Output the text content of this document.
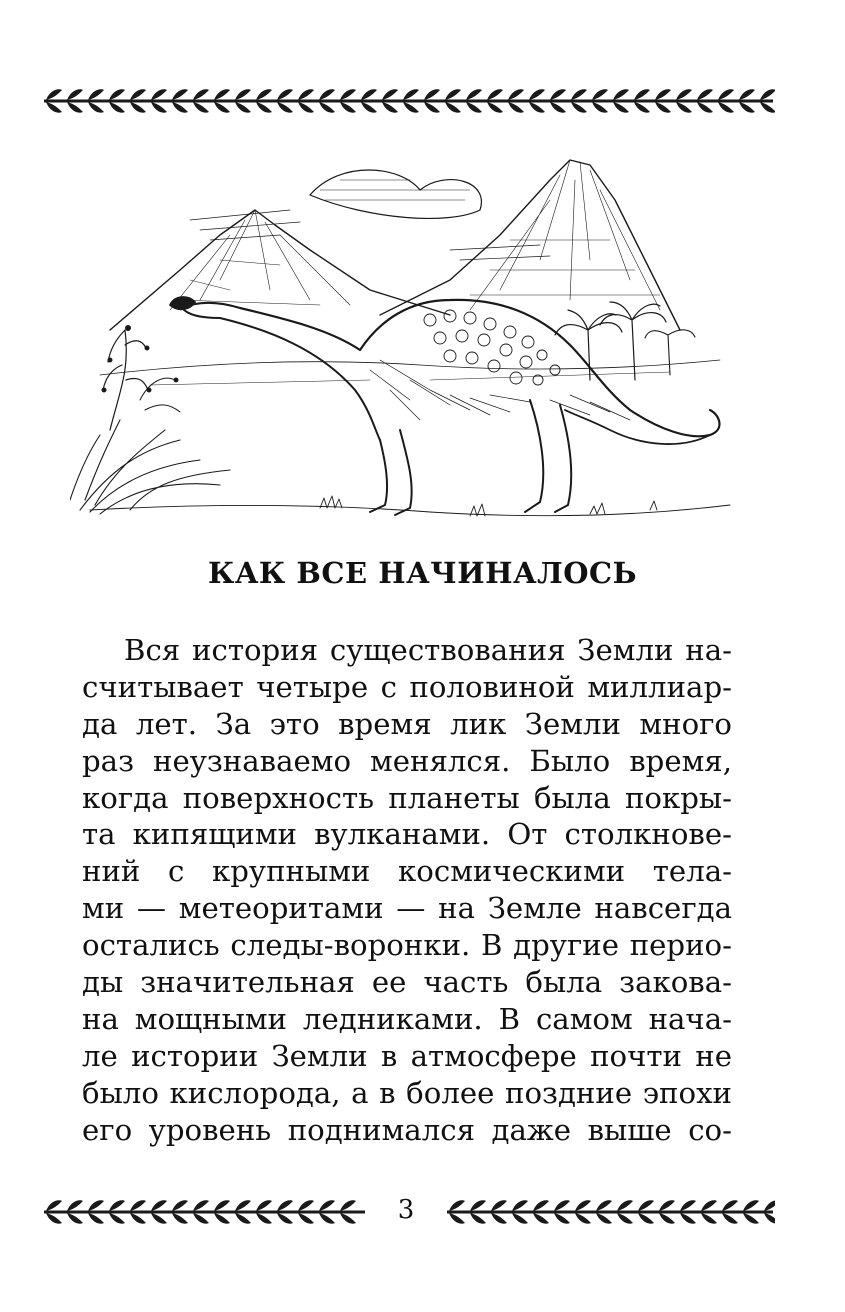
КАК ВСЕ НАЧИНАЛОСЬ
Вся история существования Земли на-
считывает четыре с половиной миллиар-
да лет. За это время лик Земли много
раз неузнаваемо менялся. Было время,
когда поверхность планеты была покры-
та кипящими вулканами. От столкнове-
ний с крупными космическими тела-
ми — метеоритами — на Земле навсегда
остались следы-воронки. В другие перио-
ды значительная ее часть была закова-
на мощными ледниками. В самом нача-
ле истории Земли в атмосфере почти не
было кислорода, а в более поздние эпохи
его уровень поднимался даже выше со-
3
